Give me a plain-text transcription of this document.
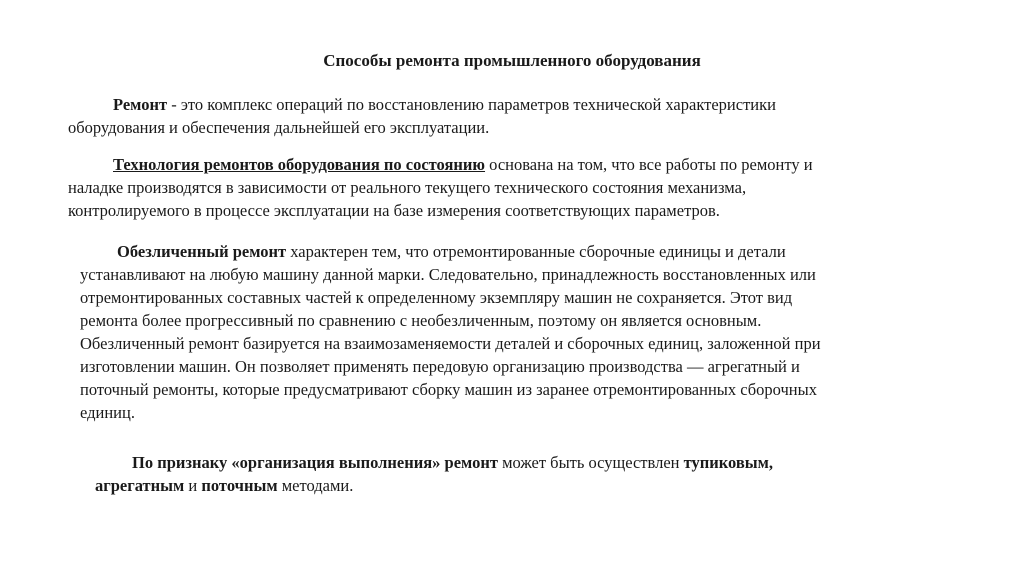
Способы ремонта промышленного оборудования
Ремонт - это комплекс операций по восстановлению параметров технической характеристики
оборудования и обеспечения дальнейшей его эксплуатации.
Технология ремонтов оборудования по состоянию основана на том, что все работы по ремонту и
наладке производятся в зависимости от реального текущего технического состояния механизма,
контролируемого в процессе эксплуатации на базе измерения соответствующих параметров.
Обезличенный ремонт характерен тем, что отремонтированные сборочные единицы и детали
устанавливают на любую машину данной марки. Следовательно, принадлежность восстановленных или
отремонтированных составных частей к определенному экземпляру машин не сохраняется. Этот вид
ремонта более прогрессивный по сравнению с необезличенным, поэтому он является основным.
Обезличенный ремонт базируется на взаимозаменяемости деталей и сборочных единиц, заложенной при
изготовлении машин. Он позволяет применять передовую организацию производства — агрегатный и
поточный ремонты, которые предусматривают сборку машин из заранее отремонтированных сборочных
единиц.
По признаку «организация выполнения» ремонт может быть осуществлен тупиковым,
агрегатным и поточным методами.
